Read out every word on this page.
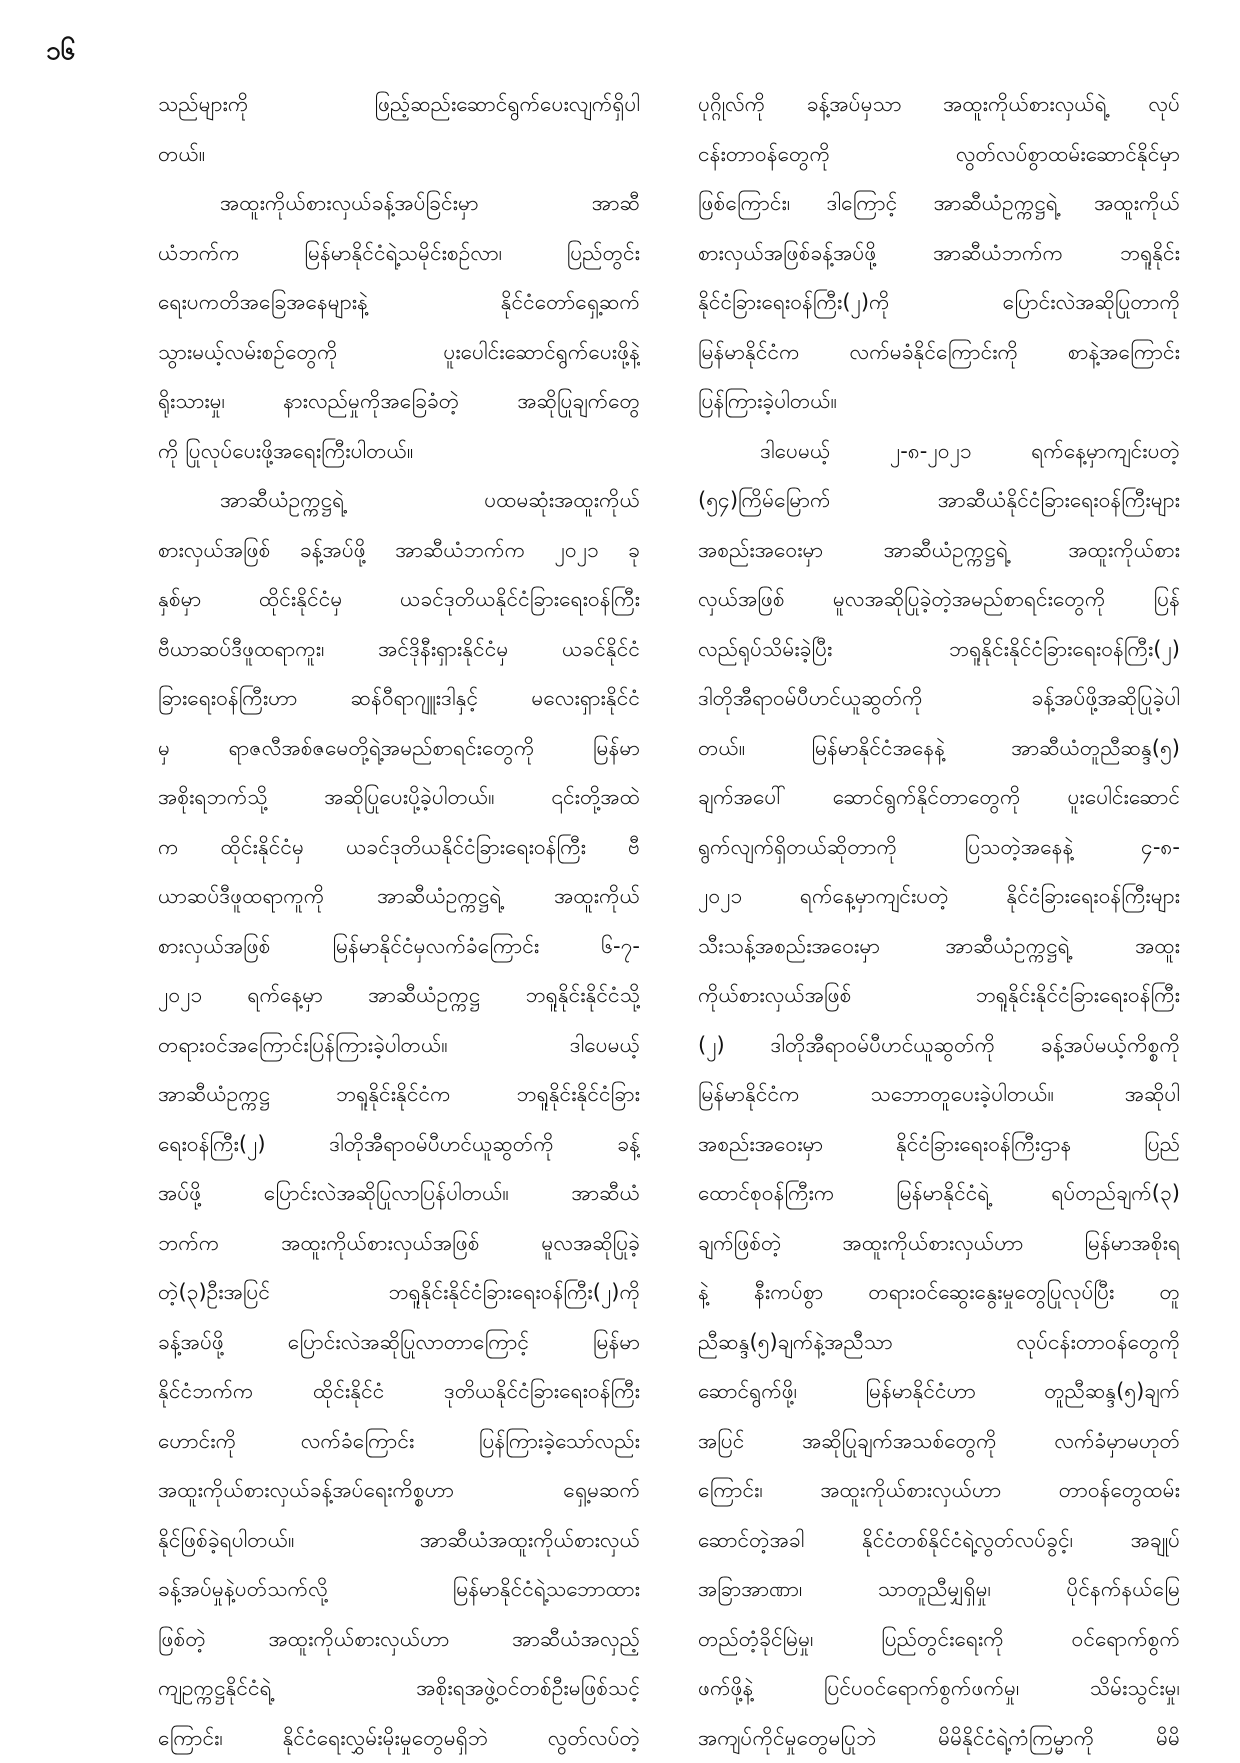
၁၆
သည်များကို ဖြည့်ဆည်းဆောင်ရွက်ပေးလျက်ရှိပါ
တယ်။
အထူးကိုယ်စားလှယ်ခန့်အပ်ခြင်းမှာ အာဆီ
ယံဘက်က မြန်မာနိုင်ငံရဲ့သမိုင်းစဉ်လာ၊ ပြည်တွင်း
ရေးပကတိအခြေအနေများနဲ့ နိုင်ငံတော်ရှေ့ဆက်
သွားမယ့်လမ်းစဉ်တွေကို ပူးပေါင်းဆောင်ရွက်ပေးဖို့နဲ့
ရိုးသားမှု၊ နားလည်မှုကိုအခြေခံတဲ့ အဆိုပြုချက်တွေ
ကို ပြုလုပ်ပေးဖို့အရေးကြီးပါတယ်။
အာဆီယံဥက္ကဋ္ဌရဲ့ ပထမဆုံးအထူးကိုယ်
စားလှယ်အဖြစ် ခန့်အပ်ဖို့ အာဆီယံဘက်က ၂၀၂၁ ခု
နှစ်မှာ ထိုင်းနိုင်ငံမှ ယခင်ဒုတိယနိုင်ငံခြားရေးဝန်ကြီး
ဗီယာဆပ်ဒီဖူထရာကူး၊ အင်ဒိုနီးရှားနိုင်ငံမှ ယခင်နိုင်ငံ
ခြားရေးဝန်ကြီးဟာ ဆန်ဝီရာဂျူးဒါနှင့် မလေးရှားနိုင်ငံ
မှ ရာဇလီအစ်ဇမေတို့ရဲ့အမည်စာရင်းတွေကို မြန်မာ
အစိုးရဘက်သို့ အဆိုပြုပေးပို့ခဲ့ပါတယ်။ ၎င်းတို့အထဲ
က ထိုင်းနိုင်ငံမှ ယခင်ဒုတိယနိုင်ငံခြားရေးဝန်ကြီး ဗီ
ယာဆပ်ဒီဖူထရာကူကို အာဆီယံဥက္ကဋ္ဌရဲ့ အထူးကိုယ်
စားလှယ်အဖြစ် မြန်မာနိုင်ငံမှလက်ခံကြောင်း ၆-၇-
၂၀၂၁ ရက်နေ့မှာ အာဆီယံဥက္ကဋ္ဌ ဘရူနိုင်းနိုင်ငံသို့
တရားဝင်အကြောင်းပြန်ကြားခဲ့ပါတယ်။ ဒါပေမယ့်
အာဆီယံဥက္ကဋ္ဌ ဘရူနိုင်းနိုင်ငံက ဘရူနိုင်းနိုင်ငံခြား
ရေးဝန်ကြီး(၂) ဒါတိုအီရာဝမ်ပီဟင်ယူဆွတ်ကို ခန့်
အပ်ဖို့ ပြောင်းလဲအဆိုပြုလာပြန်ပါတယ်။ အာဆီယံ
ဘက်က အထူးကိုယ်စားလှယ်အဖြစ် မူလအဆိုပြုခဲ့
တဲ့(၃)ဦးအပြင် ဘရူနိုင်းနိုင်ငံခြားရေးဝန်ကြီး(၂)ကို
ခန့်အပ်ဖို့ ပြောင်းလဲအဆိုပြုလာတာကြောင့် မြန်မာ
နိုင်ငံဘက်က ထိုင်းနိုင်ငံ ဒုတိယနိုင်ငံခြားရေးဝန်ကြီး
ဟောင်းကို လက်ခံကြောင်း ပြန်ကြားခဲ့သော်လည်း
အထူးကိုယ်စားလှယ်ခန့်အပ်ရေးကိစ္စဟာ ရှေ့မဆက်
နိုင်ဖြစ်ခဲ့ရပါတယ်။ အာဆီယံအထူးကိုယ်စားလှယ်
ခန့်အပ်မှုနဲ့ပတ်သက်လို့ မြန်မာနိုင်ငံရဲ့သဘောထား
ဖြစ်တဲ့ အထူးကိုယ်စားလှယ်ဟာ အာဆီယံအလှည့်
ကျဥက္ကဋ္ဌနိုင်ငံရဲ့ အစိုးရအဖွဲ့ဝင်တစ်ဦးမဖြစ်သင့်
ကြောင်း၊ နိုင်ငံရေးလွှမ်းမိုးမှုတွေမရှိဘဲ လွတ်လပ်တဲ့
ပုဂ္ဂိုလ်ကို ခန့်အပ်မှသာ အထူးကိုယ်စားလှယ်ရဲ့ လုပ်
ငန်းတာဝန်တွေကို လွတ်လပ်စွာထမ်းဆောင်နိုင်မှာ
ဖြစ်ကြောင်း၊ ဒါကြောင့် အာဆီယံဥက္ကဋ္ဌရဲ့ အထူးကိုယ်
စားလှယ်အဖြစ်ခန့်အပ်ဖို့ အာဆီယံဘက်က ဘရူနိုင်း
နိုင်ငံခြားရေးဝန်ကြီး(၂)ကို ပြောင်းလဲအဆိုပြုတာကို
မြန်မာနိုင်ငံက လက်မခံနိုင်ကြောင်းကို စာနဲ့အကြောင်း
ပြန်ကြားခဲ့ပါတယ်။
ဒါပေမယ့် ၂-၈-၂၀၂၁ ရက်နေ့မှာကျင်းပတဲ့
(၅၄)ကြိမ်မြောက် အာဆီယံနိုင်ငံခြားရေးဝန်ကြီးများ
အစည်းအဝေးမှာ အာဆီယံဥက္ကဋ္ဌရဲ့ အထူးကိုယ်စား
လှယ်အဖြစ် မူလအဆိုပြုခဲ့တဲ့အမည်စာရင်းတွေကို ပြန်
လည်ရုပ်သိမ်းခဲ့ပြီး ဘရူနိုင်းနိုင်ငံခြားရေးဝန်ကြီး(၂)
ဒါတိုအီရာဝမ်ပီဟင်ယူဆွတ်ကို ခန့်အပ်ဖို့အဆိုပြုခဲ့ပါ
တယ်။ မြန်မာနိုင်ငံအနေနဲ့ အာဆီယံတူညီဆန္ဒ(၅)
ချက်အပေါ် ဆောင်ရွက်နိုင်တာတွေကို ပူးပေါင်းဆောင်
ရွက်လျက်ရှိတယ်ဆိုတာကို ပြသတဲ့အနေနဲ့ ၄-၈-
၂၀၂၁ ရက်နေ့မှာကျင်းပတဲ့ နိုင်ငံခြားရေးဝန်ကြီးများ
သီးသန့်အစည်းအဝေးမှာ အာဆီယံဥက္ကဋ္ဌရဲ့ အထူး
ကိုယ်စားလှယ်အဖြစ် ဘရူနိုင်းနိုင်ငံခြားရေးဝန်ကြီး
(၂) ဒါတိုအီရာဝမ်ပီဟင်ယူဆွတ်ကို ခန့်အပ်မယ့်ကိစ္စကို
မြန်မာနိုင်ငံက သဘောတူပေးခဲ့ပါတယ်။ အဆိုပါ
အစည်းအဝေးမှာ နိုင်ငံခြားရေးဝန်ကြီးဌာန ပြည်
ထောင်စုဝန်ကြီးက မြန်မာနိုင်ငံရဲ့ ရပ်တည်ချက်(၃)
ချက်ဖြစ်တဲ့ အထူးကိုယ်စားလှယ်ဟာ မြန်မာအစိုးရ
နဲ့ နီးကပ်စွာ တရားဝင်ဆွေးနွေးမှုတွေပြုလုပ်ပြီး တူ
ညီဆန္ဒ(၅)ချက်နဲ့အညီသာ လုပ်ငန်းတာဝန်တွေကို
ဆောင်ရွက်ဖို့၊ မြန်မာနိုင်ငံဟာ တူညီဆန္ဒ(၅)ချက်
အပြင် အဆိုပြုချက်အသစ်တွေကို လက်ခံမှာမဟုတ်
ကြောင်း၊ အထူးကိုယ်စားလှယ်ဟာ တာဝန်တွေထမ်း
ဆောင်တဲ့အခါ နိုင်ငံတစ်နိုင်ငံရဲ့လွတ်လပ်ခွင့်၊ အချုပ်
အခြာအာဏာ၊ သာတူညီမျှရှိမှု၊ ပိုင်နက်နယ်မြေ
တည်တံ့ခိုင်မြဲမှု၊ ပြည်တွင်းရေးကို ဝင်ရောက်စွက်
ဖက်ဖို့နဲ့ ပြင်ပဝင်ရောက်စွက်ဖက်မှု၊ သိမ်းသွင်းမှု၊
အကျပ်ကိုင်မှုတွေမပြုဘဲ မိမိနိုင်ငံရဲ့ကံကြမ္မာကို မိမိ
